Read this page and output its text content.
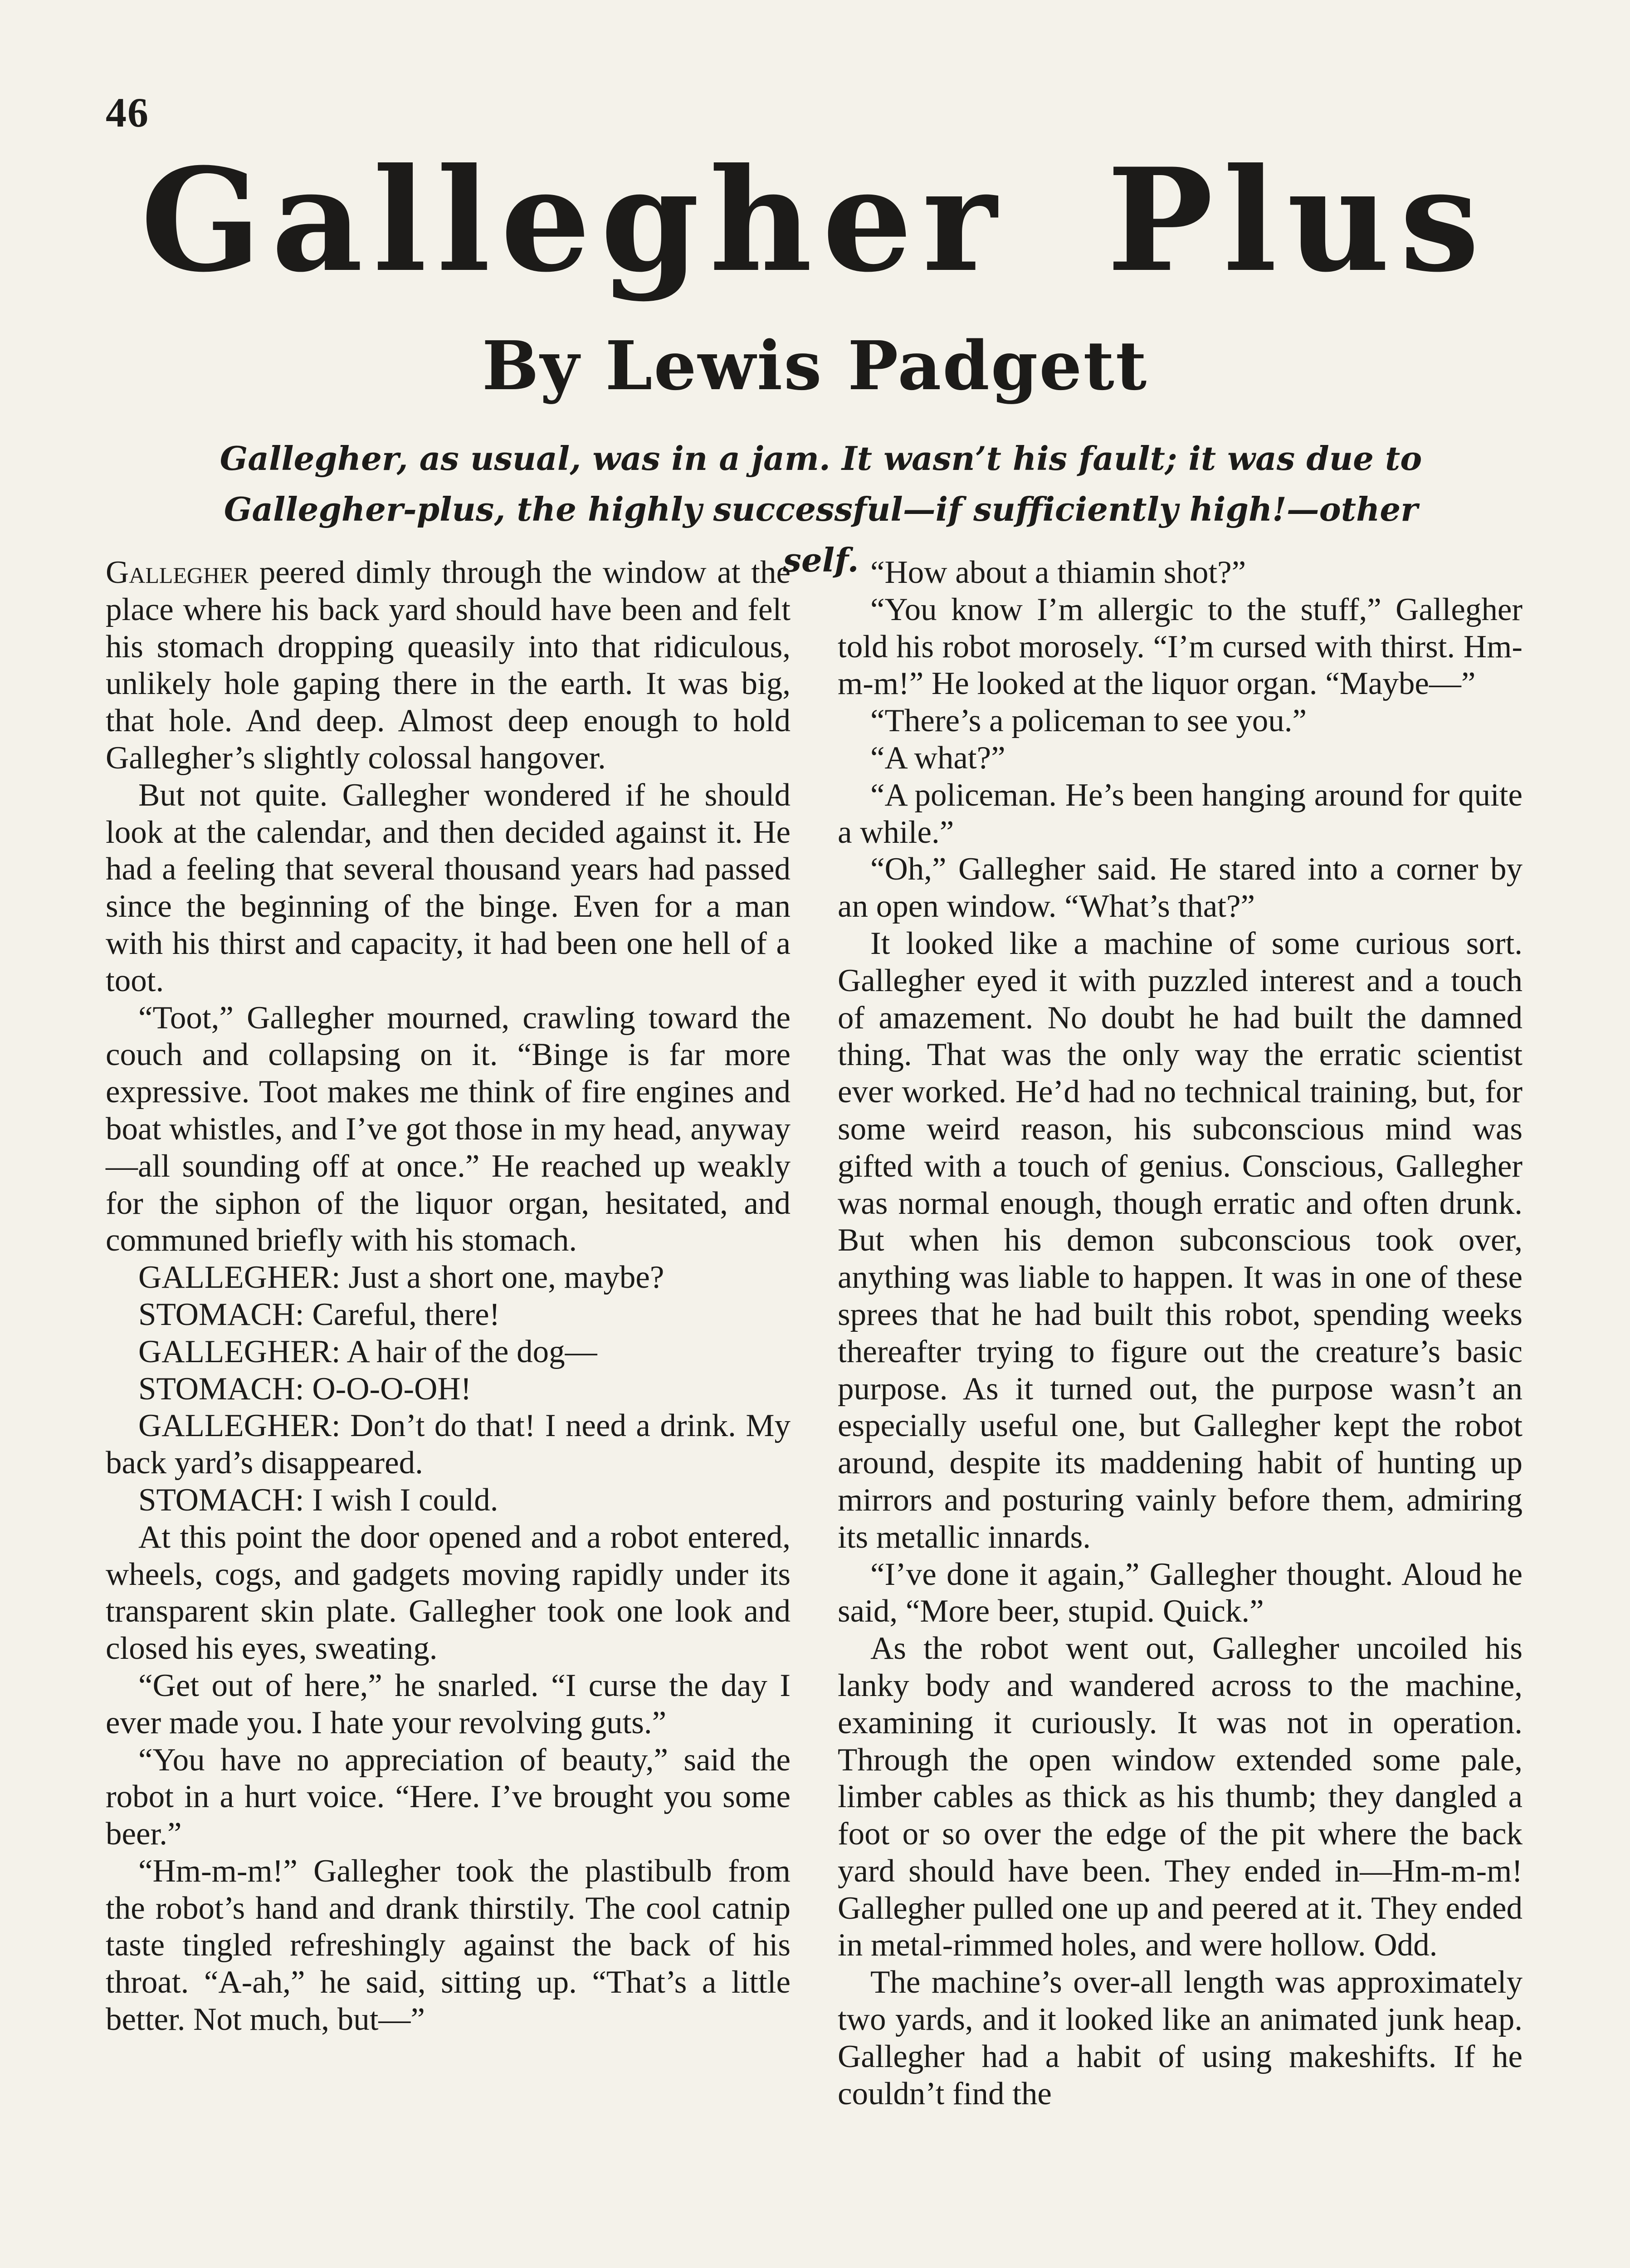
46
Gallegher Plus
By Lewis Padgett
Gallegher, as usual, was in a jam. It wasn’t his fault; it was due to Gallegher-plus, the highly successful—if sufficiently high!—other self.

Gallegher peered dimly through the window at the place where his back yard should have been and felt his stomach dropping queasily into that ridiculous, unlikely hole gaping there in the earth. It was big, that hole. And deep. Almost deep enough to hold Gallegher’s slightly colossal hangover.

But not quite. Gallegher wondered if he should look at the calendar, and then decided against it. He had a feeling that several thousand years had passed since the beginning of the binge. Even for a man with his thirst and capacity, it had been one hell of a toot.

“Toot,” Gallegher mourned, crawling toward the couch and collapsing on it. “Binge is far more expressive. Toot makes me think of fire engines and boat whistles, and I’ve got those in my head, anyway—all sounding off at once.” He reached up weakly for the siphon of the liquor organ, hesitated, and communed briefly with his stomach.

GALLEGHER: Just a short one, maybe?

STOMACH: Careful, there!

GALLEGHER: A hair of the dog—

STOMACH: O-O-O-OH!

GALLEGHER: Don’t do that! I need a drink. My back yard’s disappeared.

STOMACH: I wish I could.

At this point the door opened and a robot entered, wheels, cogs, and gadgets moving rapidly under its transparent skin plate. Gallegher took one look and closed his eyes, sweating.

“Get out of here,” he snarled. “I curse the day I ever made you. I hate your revolving guts.”

“You have no appreciation of beauty,” said the robot in a hurt voice. “Here. I’ve brought you some beer.”

“Hm-m-m!” Gallegher took the plastibulb from the robot’s hand and drank thirstily. The cool catnip taste tingled refreshingly against the back of his throat. “A-ah,” he said, sitting up. “That’s a little better. Not much, but—”

“How about a thiamin shot?”

“You know I’m allergic to the stuff,” Gallegher told his robot morosely. “I’m cursed with thirst. Hm-m-m!” He looked at the liquor organ. “Maybe—”

“There’s a policeman to see you.”

“A what?”

“A policeman. He’s been hanging around for quite a while.”

“Oh,” Gallegher said. He stared into a corner by an open window. “What’s that?”

It looked like a machine of some curious sort. Gallegher eyed it with puzzled interest and a touch of amazement. No doubt he had built the damned thing. That was the only way the erratic scientist ever worked. He’d had no technical training, but, for some weird reason, his subconscious mind was gifted with a touch of genius. Conscious, Gallegher was normal enough, though erratic and often drunk. But when his demon subconscious took over, anything was liable to happen. It was in one of these sprees that he had built this robot, spending weeks thereafter trying to figure out the creature’s basic purpose. As it turned out, the purpose wasn’t an especially useful one, but Gallegher kept the robot around, despite its maddening habit of hunting up mirrors and posturing vainly before them, admiring its metallic innards.

“I’ve done it again,” Gallegher thought. Aloud he said, “More beer, stupid. Quick.”

As the robot went out, Gallegher uncoiled his lanky body and wandered across to the machine, examining it curiously. It was not in operation. Through the open window extended some pale, limber cables as thick as his thumb; they dangled a foot or so over the edge of the pit where the back yard should have been. They ended in—Hm-m-m! Gallegher pulled one up and peered at it. They ended in metal-rimmed holes, and were hollow. Odd.

The machine’s over-all length was approximately two yards, and it looked like an animated junk heap. Gallegher had a habit of using makeshifts. If he couldn’t find the
